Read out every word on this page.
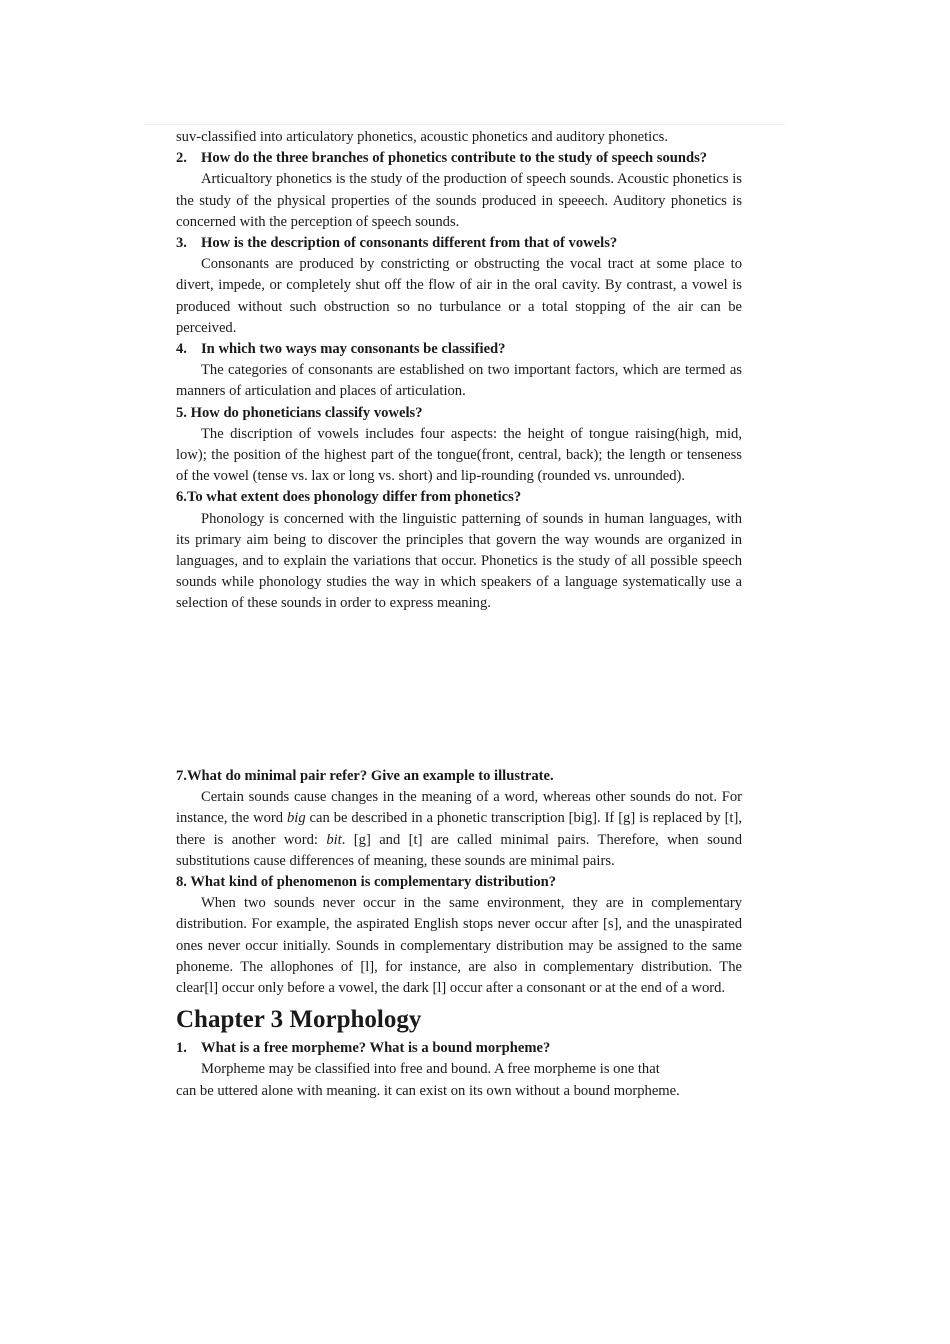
suv-classified into articulatory phonetics, acoustic phonetics and auditory phonetics.

2. How do the three branches of phonetics contribute to the study of speech sounds?

Articualtory phonetics is the study of the production of speech sounds. Acoustic phonetics is the study of the physical properties of the sounds produced in speeech. Auditory phonetics is concerned with the perception of speech sounds.

3. How is the description of consonants different from that of vowels?

Consonants are produced by constricting or obstructing the vocal tract at some place to divert, impede, or completely shut off the flow of air in the oral cavity. By contrast, a vowel is produced without such obstruction so no turbulance or a total stopping of the air can be perceived.

4. In which two ways may consonants be classified?

The categories of consonants are established on two important factors, which are termed as manners of articulation and places of articulation.

5. How do phoneticians classify vowels?

The discription of vowels includes four aspects: the height of tongue raising(high, mid, low); the position of the highest part of the tongue(front, central, back); the length or tenseness of the vowel (tense vs. lax or long vs. short) and lip-rounding (rounded vs. unrounded).

6.To what extent does phonology differ from phonetics?

Phonology is concerned with the linguistic patterning of sounds in human languages, with its primary aim being to discover the principles that govern the way wounds are organized in languages, and to explain the variations that occur. Phonetics is the study of all possible speech sounds while phonology studies the way in which speakers of a language systematically use a selection of these sounds in order to express meaning.

7.What do minimal pair refer? Give an example to illustrate.

Certain sounds cause changes in the meaning of a word, whereas other sounds do not. For instance, the word big can be described in a phonetic transcription [big]. If [g] is replaced by [t], there is another word: bit. [g] and [t] are called minimal pairs. Therefore, when sound substitutions cause differences of meaning, these sounds are minimal pairs.

8. What kind of phenomenon is complementary distribution?

When two sounds never occur in the same environment, they are in complementary distribution. For example, the aspirated English stops never occur after [s], and the unaspirated ones never occur initially. Sounds in complementary distribution may be assigned to the same phoneme. The allophones of [l], for instance, are also in complementary distribution. The clear[l] occur only before a vowel, the dark [l] occur after a consonant or at the end of a word.

Chapter 3 Morphology

1. What is a free morpheme? What is a bound morpheme?

Morpheme may be classified into free and bound. A free morpheme is one that

can be uttered alone with meaning. it can exist on its own without a bound morpheme.
